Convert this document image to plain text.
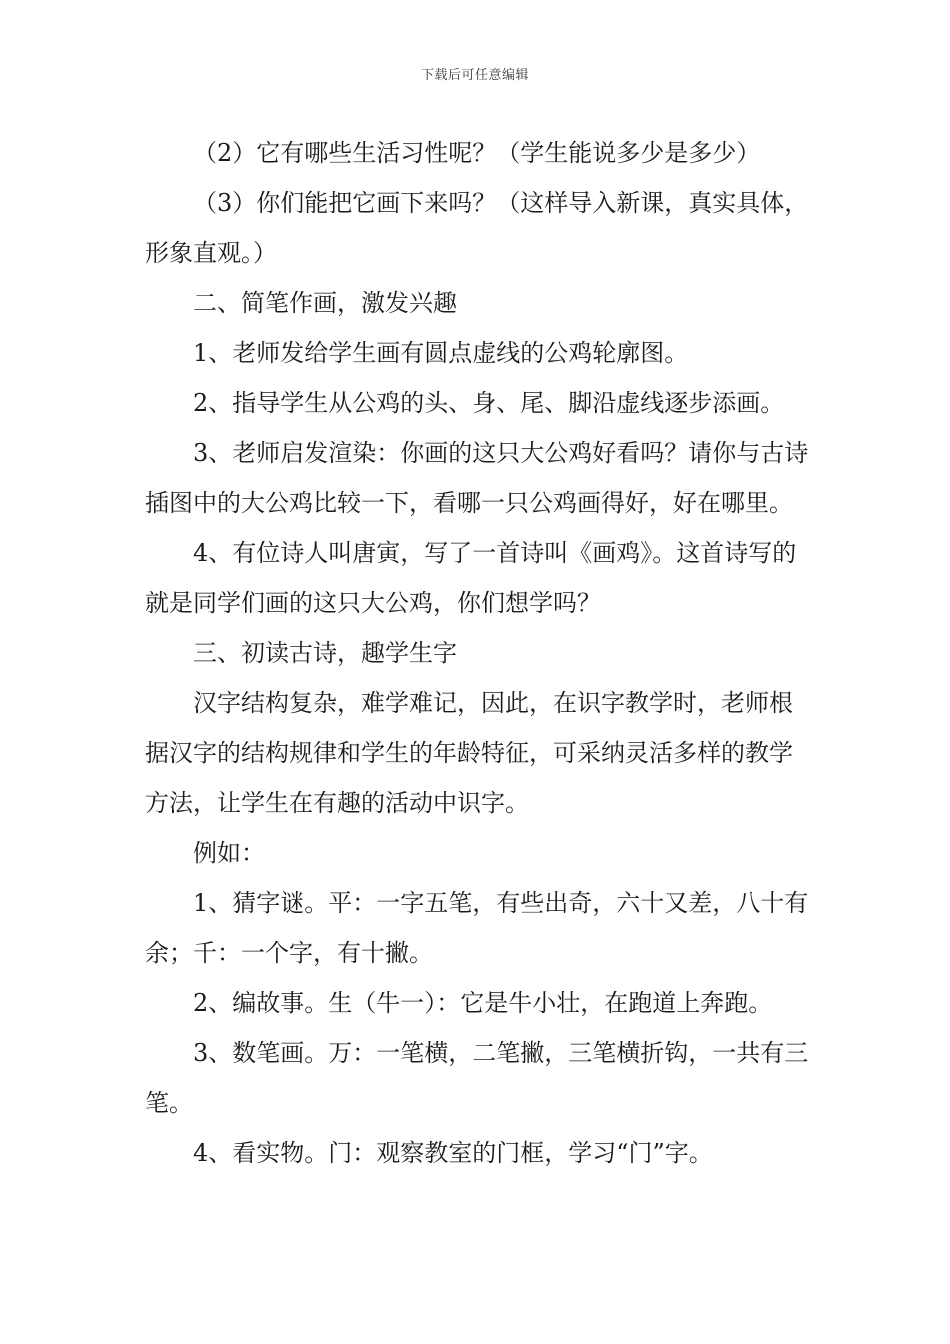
下载后可任意编辑

（2）它有哪些生活习性呢？（学生能说多少是多少）

（3）你们能把它画下来吗？（这样导入新课，真实具体，形象直观。）

二、简笔作画，激发兴趣

1、老师发给学生画有圆点虚线的公鸡轮廓图。

2、指导学生从公鸡的头、身、尾、脚沿虚线逐步添画。

3、老师启发渲染：你画的这只大公鸡好看吗？请你与古诗插图中的大公鸡比较一下，看哪一只公鸡画得好，好在哪里。

4、有位诗人叫唐寅，写了一首诗叫《画鸡》。这首诗写的就是同学们画的这只大公鸡，你们想学吗？

三、初读古诗，趣学生字

汉字结构复杂，难学难记，因此，在识字教学时，老师根据汉字的结构规律和学生的年龄特征，可采纳灵活多样的教学方法，让学生在有趣的活动中识字。

例如：

1、猜字谜。平：一字五笔，有些出奇，六十又差，八十有余；千：一个字，有十撇。

2、编故事。生（牛一）：它是牛小壮，在跑道上奔跑。

3、数笔画。万：一笔横，二笔撇，三笔横折钩，一共有三笔。

4、看实物。门：观察教室的门框，学习“门”字。
